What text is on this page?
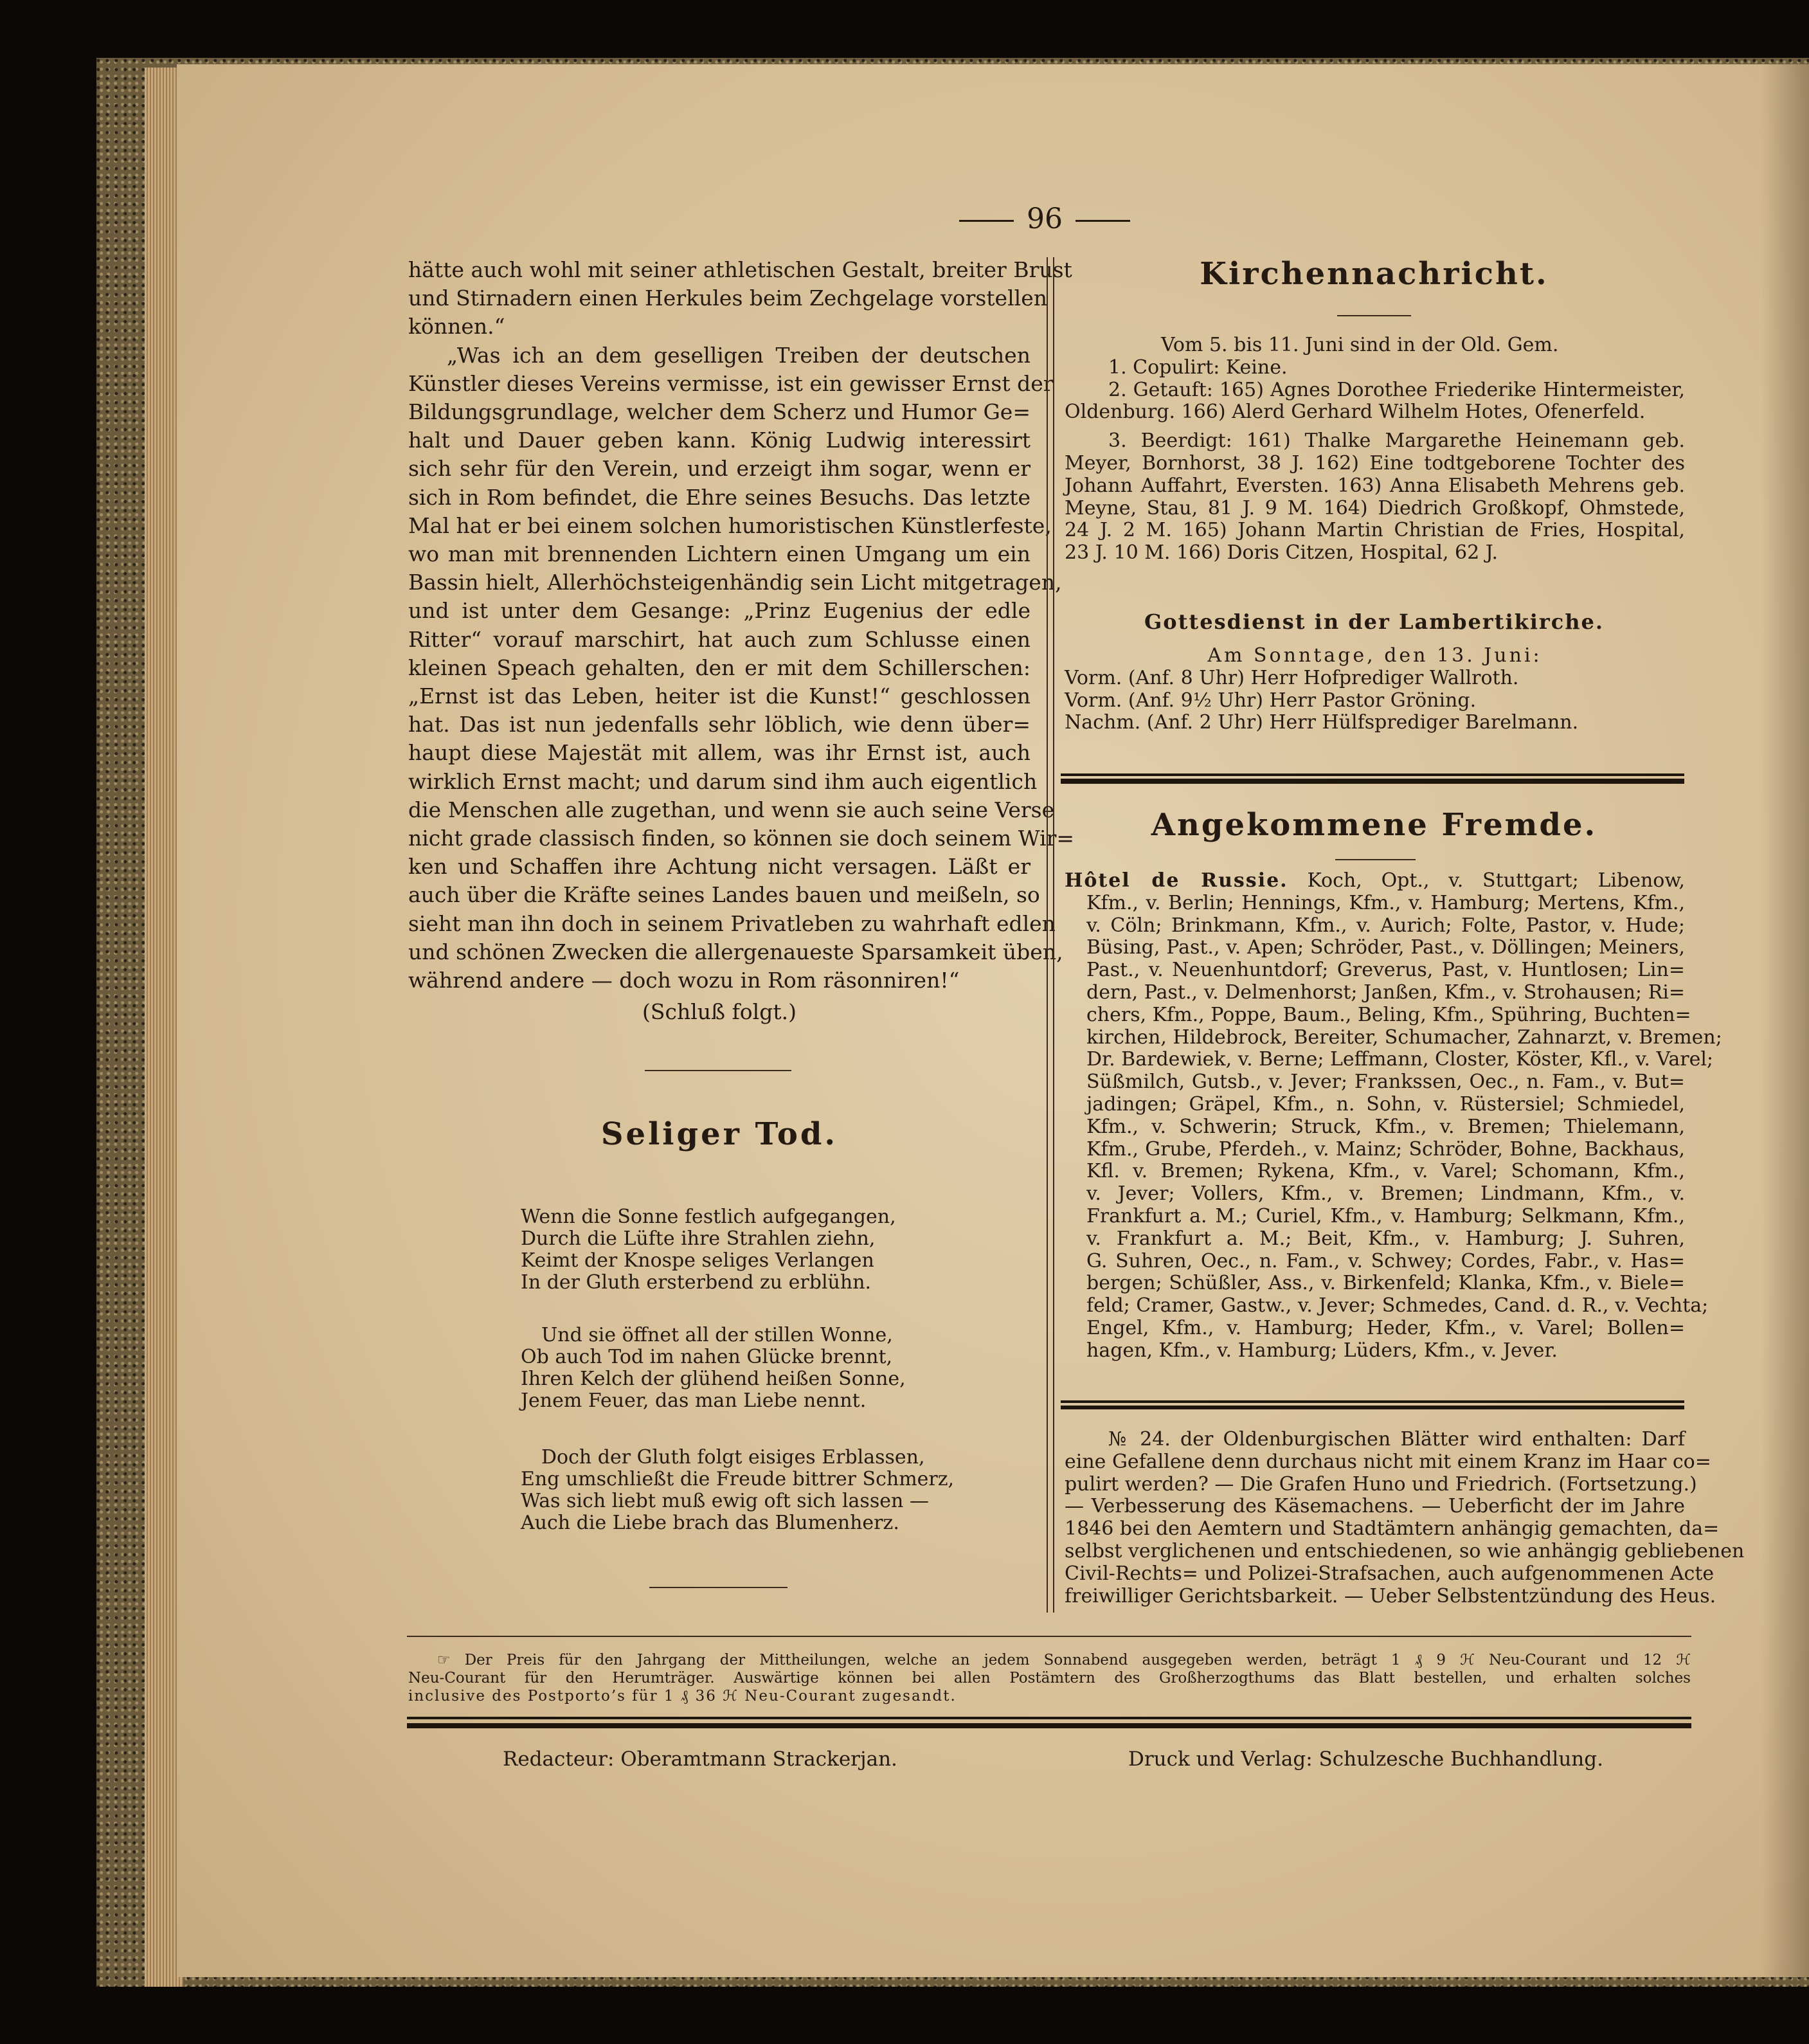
96

hätte auch wohl mit seiner athletischen Gestalt, breiter Brust

und Stirnadern einen Herkules beim Zechgelage vorstellen

können.“

„Was ich an dem geselligen Treiben der deutschen

Künstler dieses Vereins vermisse, ist ein gewisser Ernst der

Bildungsgrundlage, welcher dem Scherz und Humor Ge=

halt und Dauer geben kann. König Ludwig interessirt

sich sehr für den Verein, und erzeigt ihm sogar, wenn er

sich in Rom befindet, die Ehre seines Besuchs. Das letzte

Mal hat er bei einem solchen humoristischen Künstlerfeste,

wo man mit brennenden Lichtern einen Umgang um ein

Bassin hielt, Allerhöchsteigenhändig sein Licht mitgetragen,

und ist unter dem Gesange: „Prinz Eugenius der edle

Ritter“ vorauf marschirt, hat auch zum Schlusse einen

kleinen Speach gehalten, den er mit dem Schillerschen:

„Ernst ist das Leben, heiter ist die Kunst!“ geschlossen

hat. Das ist nun jedenfalls sehr löblich, wie denn über=

haupt diese Majestät mit allem, was ihr Ernst ist, auch

wirklich Ernst macht; und darum sind ihm auch eigentlich

die Menschen alle zugethan, und wenn sie auch seine Verse

nicht grade classisch finden, so können sie doch seinem Wir=

ken und Schaffen ihre Achtung nicht versagen. Läßt er

auch über die Kräfte seines Landes bauen und meißeln, so

sieht man ihn doch in seinem Privatleben zu wahrhaft edlen

und schönen Zwecken die allergenaueste Sparsamkeit üben,

während andere — doch wozu in Rom räsonniren!“

(Schluß folgt.)
Seliger Tod.

Wenn die Sonne festlich aufgegangen,

Durch die Lüfte ihre Strahlen ziehn,

Keimt der Knospe seliges Verlangen

In der Gluth ersterbend zu erblühn.

Und sie öffnet all der stillen Wonne,

Ob auch Tod im nahen Glücke brennt,

Ihren Kelch der glühend heißen Sonne,

Jenem Feuer, das man Liebe nennt.

Doch der Gluth folgt eisiges Erblassen,

Eng umschließt die Freude bittrer Schmerz,

Was sich liebt muß ewig oft sich lassen —

Auch die Liebe brach das Blumenherz.

Kirchennachricht.

Vom 5. bis 11. Juni sind in der Old. Gem.

1. Copulirt: Keine.

2. Getauft: 165) Agnes Dorothee Friederike Hintermeister,

Oldenburg. 166) Alerd Gerhard Wilhelm Hotes, Ofenerfeld.

3. Beerdigt: 161) Thalke Margarethe Heinemann geb.

Meyer, Bornhorst, 38 J. 162) Eine todtgeborene Tochter des

Johann Auffahrt, Eversten. 163) Anna Elisabeth Mehrens geb.

Meyne, Stau, 81 J. 9 M. 164) Diedrich Großkopf, Ohmstede,

24 J. 2 M. 165) Johann Martin Christian de Fries, Hospital,

23 J. 10 M. 166) Doris Citzen, Hospital, 62 J.

Gottesdienst in der Lambertikirche.

Am Sonntage, den 13. Juni:

Vorm. (Anf. 8 Uhr) Herr Hofprediger Wallroth.

Vorm. (Anf. 9½ Uhr) Herr Pastor Gröning.

Nachm. (Anf. 2 Uhr) Herr Hülfsprediger Barelmann.

Angekommene Fremde.

Hôtel de Russie. Koch, Opt., v. Stuttgart; Libenow,

Kfm., v. Berlin; Hennings, Kfm., v. Hamburg; Mertens, Kfm.,

v. Cöln; Brinkmann, Kfm., v. Aurich; Folte, Pastor, v. Hude;

Büsing, Past., v. Apen; Schröder, Past., v. Döllingen; Meiners,

Past., v. Neuenhuntdorf; Greverus, Past, v. Huntlosen; Lin=

dern, Past., v. Delmenhorst; Janßen, Kfm., v. Strohausen; Ri=

chers, Kfm., Poppe, Baum., Beling, Kfm., Spühring, Buchten=

kirchen, Hildebrock, Bereiter, Schumacher, Zahnarzt, v. Bremen;

Dr. Bardewiek, v. Berne; Leffmann, Closter, Köster, Kfl., v. Varel;

Süßmilch, Gutsb., v. Jever; Frankssen, Oec., n. Fam., v. But=

jadingen; Gräpel, Kfm., n. Sohn, v. Rüstersiel; Schmiedel,

Kfm., v. Schwerin; Struck, Kfm., v. Bremen; Thielemann,

Kfm., Grube, Pferdeh., v. Mainz; Schröder, Bohne, Backhaus,

Kfl. v. Bremen; Rykena, Kfm., v. Varel; Schomann, Kfm.,

v. Jever; Vollers, Kfm., v. Bremen; Lindmann, Kfm., v.

Frankfurt a. M.; Curiel, Kfm., v. Hamburg; Selkmann, Kfm.,

v. Frankfurt a. M.; Beit, Kfm., v. Hamburg; J. Suhren,

G. Suhren, Oec., n. Fam., v. Schwey; Cordes, Fabr., v. Has=

bergen; Schüßler, Ass., v. Birkenfeld; Klanka, Kfm., v. Biele=

feld; Cramer, Gastw., v. Jever; Schmedes, Cand. d. R., v. Vechta;

Engel, Kfm., v. Hamburg; Heder, Kfm., v. Varel; Bollen=

hagen, Kfm., v. Hamburg; Lüders, Kfm., v. Jever.

№ 24. der Oldenburgischen Blätter wird enthalten: Darf

eine Gefallene denn durchaus nicht mit einem Kranz im Haar co=

pulirt werden? — Die Grafen Huno und Friedrich. (Fortsetzung.)

— Verbesserung des Käsemachens. — Ueberficht der im Jahre

1846 bei den Aemtern und Stadtämtern anhängig gemachten, da=

selbst verglichenen und entschiedenen, so wie anhängig gebliebenen

Civil-Rechts= und Polizei-Strafsachen, auch aufgenommenen Acte

freiwilliger Gerichtsbarkeit. — Ueber Selbstentzündung des Heus.

☞ Der Preis für den Jahrgang der Mittheilungen, welche an jedem Sonnabend ausgegeben werden, beträgt 1 ₰ 9 ℋ Neu-Courant und 12 ℋ

Neu-Courant für den Herumträger. Auswärtige können bei allen Postämtern des Großherzogthums das Blatt bestellen, und erhalten solches

inclusive des Postporto’s für 1 ₰ 36 ℋ Neu-Courant zugesandt.

Redacteur: Oberamtmann Strackerjan.	Druck und Verlag: Schulzesche Buchhandlung.
